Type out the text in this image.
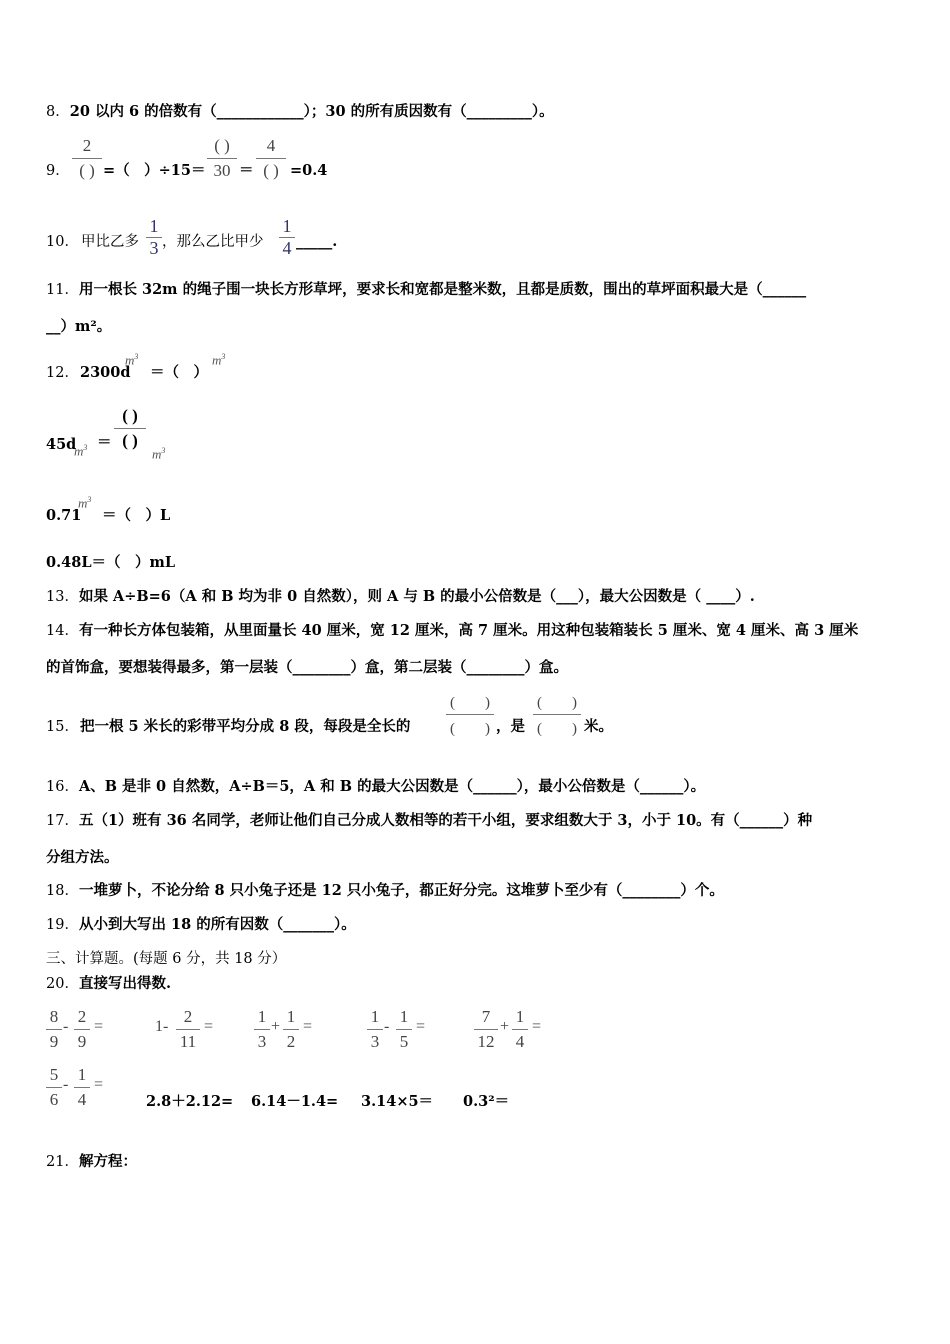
8．20 以内 6 的倍数有（____________）；30 的所有质因数有（_________）。
9．
2
( ) =（　）÷15＝
( )
30 ＝
4
( ) =0.4
10． 甲比乙多 $\frac{1}{3}$ ，那么乙比甲少 $\frac{1}{4}$ _____.
11．用一根长 32m 的绳子围一块长方形草坪，要求长和宽都是整米数，且都是质数，围出的草坪面积最大是（______
__）m²。
12． 2300d
$m^3$
＝（　）
$m^3$
45d
$m^3$ ＝
( )
( )
$m^3$
0.71
$m^3$
＝（　）L
0.48L＝（　）mL
13．如果 A÷B=6（A 和 B 均为非 0 自然数），则 A 与 B 的最小公倍数是（___），最大公因数是（ ____）.
14．有一种长方体包装箱，从里面量长 40 厘米，宽 12 厘米，高 7 厘米。用这种包装箱装长 5 厘米、宽 4 厘米、高 3 厘米
的首饰盒，要想装得最多，第一层装（________）盒，第二层装（________）盒。
15． 把一根 5 米长的彩带平均分成 8 段，每段是全长的
(　　)
(　　) ，是
(　　)
(　　) 米。
16．A、B 是非 0 自然数，A÷B＝5，A 和 B 的最大公因数是（______），最小公倍数是（______）。
17．五（1）班有 36 名同学，老师让他们自己分成人数相等的若干小组，要求组数大于 3，小于 10。有（______）种
分组方法。
18．一堆萝卜，不论分给 8 只小兔子还是 12 只小兔子，都正好分完。这堆萝卜至少有（________）个。
19．从小到大写出 18 的所有因数（_______）。
三、计算题。(每题 6 分，共 18 分）
20．直接写出得数.
$\frac{8}{9} - \frac{2}{9}$ =	$1- \frac{2}{11} = \frac{1}{3} + \frac{1}{2}$ =	$\frac{1}{3} - \frac{1}{5}$ =	$\frac{7}{12} + \frac{1}{4}$ =
$\frac{5}{6} - \frac{1}{4}$ =
2.8＋2.12= 6.14－1.4= 3.14×5＝ 0.3²＝
21．解方程：
